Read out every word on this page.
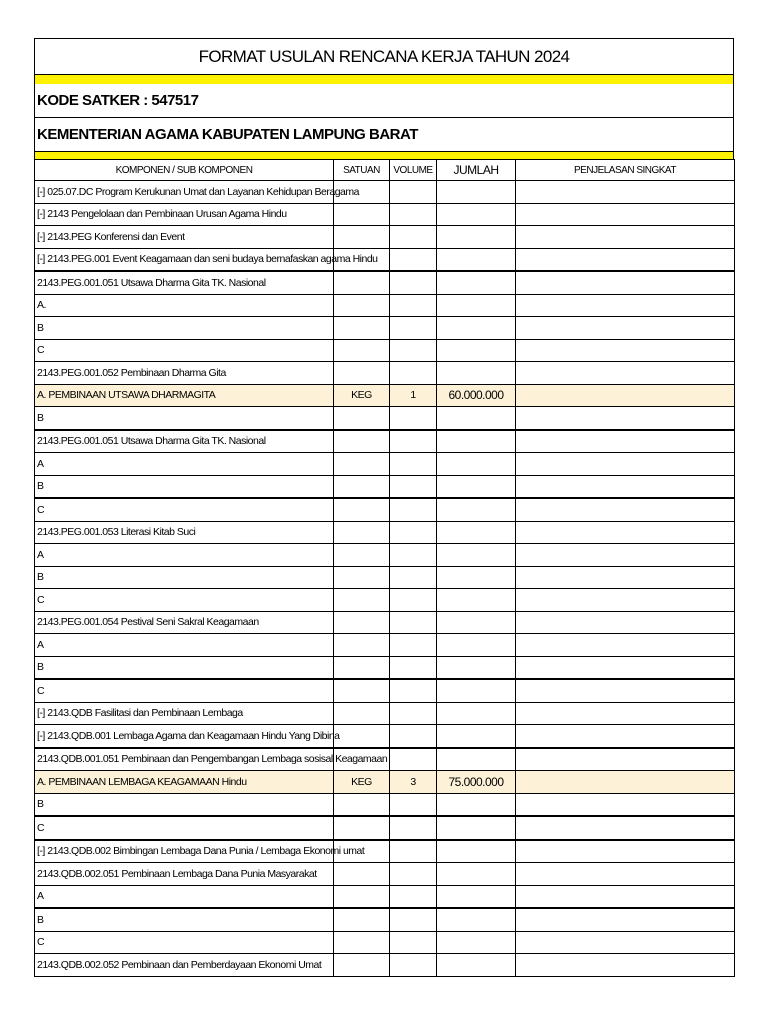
FORMAT USULAN RENCANA KERJA TAHUN 2024
KODE SATKER : 547517
KEMENTERIAN AGAMA KABUPATEN LAMPUNG BARAT
KOMPONEN / SUB KOMPONEN	SATUAN	VOLUME	JUMLAH	PENJELASAN SINGKAT
[-] 025.07.DC Program Kerukunan Umat dan Layanan Kehidupan Beragama				
[-] 2143 Pengelolaan dan Pembinaan Urusan Agama Hindu				
[-] 2143.PEG Konferensi dan Event				
[-] 2143.PEG.001 Event Keagamaan dan seni budaya bernafaskan agama Hindu				
2143.PEG.001.051 Utsawa Dharma Gita TK. Nasional				
A.				
B				
C				
2143.PEG.001.052 Pembinaan Dharma Gita				
A. PEMBINAAN UTSAWA DHARMAGITA	KEG	1	60.000.000	
B				
2143.PEG.001.051 Utsawa Dharma Gita TK. Nasional				
A				
B				
C				
2143.PEG.001.053 Literasi Kitab Suci				
A				
B				
C				
2143.PEG.001.054 Pestival Seni Sakral Keagamaan				
A				
B				
C				
[-] 2143.QDB Fasilitasi dan Pembinaan Lembaga				
[-] 2143.QDB.001 Lembaga Agama dan Keagamaan Hindu Yang Dibina				
2143.QDB.001.051 Pembinaan dan Pengembangan Lembaga sosisal Keagamaan				
A. PEMBINAAN LEMBAGA KEAGAMAAN Hindu	KEG	3	75.000.000	
B				
C				
[-] 2143.QDB.002 Bimbingan Lembaga Dana Punia / Lembaga Ekonomi umat				
2143.QDB.002.051 Pembinaan Lembaga Dana Punia Masyarakat				
A				
B				
C				
2143.QDB.002.052 Pembinaan dan Pemberdayaan Ekonomi Umat				
